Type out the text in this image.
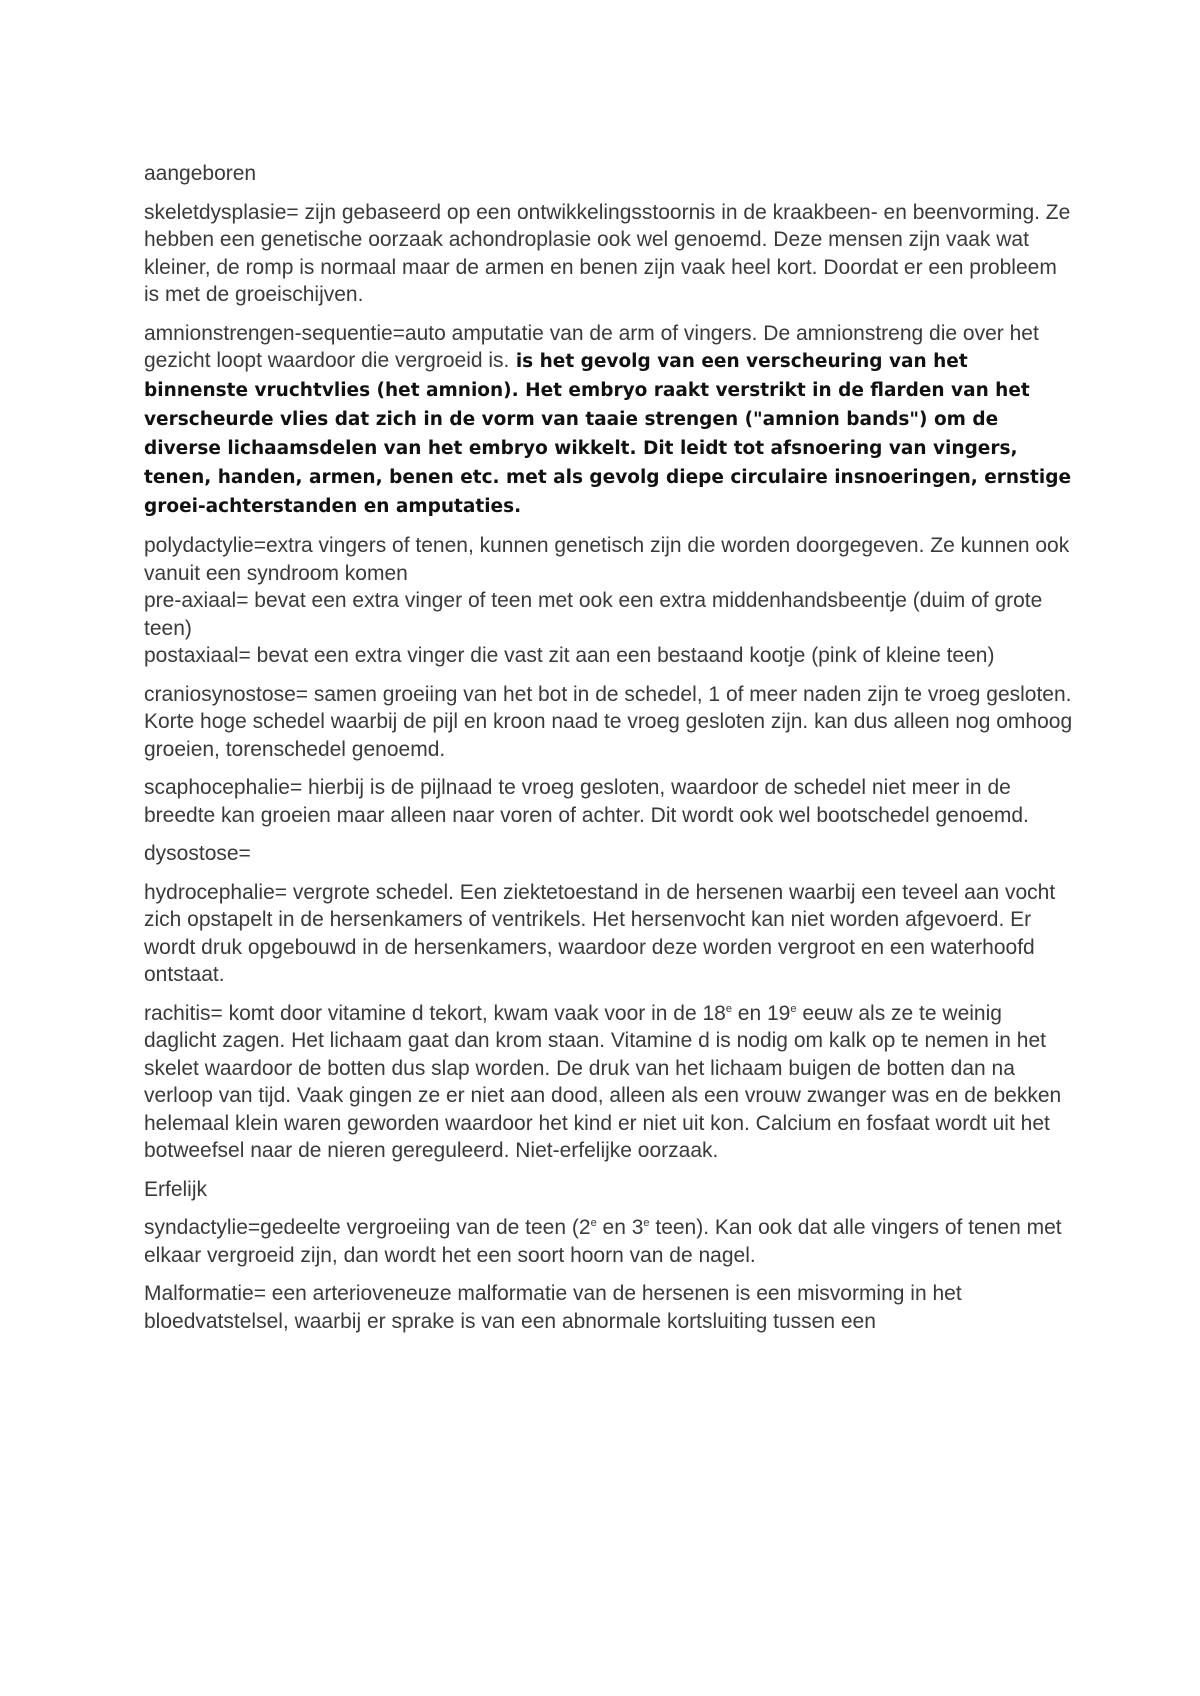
aangeboren

skeletdysplasie= zijn gebaseerd op een ontwikkelingsstoornis in de kraakbeen- en beenvorming. Ze hebben een genetische oorzaak achondroplasie ook wel genoemd. Deze mensen zijn vaak wat kleiner, de romp is normaal maar de armen en benen zijn vaak heel kort. Doordat er een probleem is met de groeischijven.

amnionstrengen-sequentie=auto amputatie van de arm of vingers. De amnionstreng die over het gezicht loopt waardoor die vergroeid is. is het gevolg van een verscheuring van het binnenste vruchtvlies (het amnion). Het embryo raakt verstrikt in de flarden van het verscheurde vlies dat zich in de vorm van taaie strengen ("amnion bands") om de diverse lichaamsdelen van het embryo wikkelt. Dit leidt tot afsnoering van vingers, tenen, handen, armen, benen etc. met als gevolg diepe circulaire insnoeringen, ernstige groei-achterstanden en amputaties.

polydactylie=extra vingers of tenen, kunnen genetisch zijn die worden doorgegeven. Ze kunnen ook vanuit een syndroom komen
pre-axiaal= bevat een extra vinger of teen met ook een extra middenhandsbeentje (duim of grote teen)
postaxiaal= bevat een extra vinger die vast zit aan een bestaand kootje (pink of kleine teen)

craniosynostose= samen groeiing van het bot in de schedel, 1 of meer naden zijn te vroeg gesloten. Korte hoge schedel waarbij de pijl en kroon naad te vroeg gesloten zijn. kan dus alleen nog omhoog groeien, torenschedel genoemd.

scaphocephalie= hierbij is de pijlnaad te vroeg gesloten, waardoor de schedel niet meer in de breedte kan groeien maar alleen naar voren of achter. Dit wordt ook wel bootschedel genoemd.

dysostose=

hydrocephalie= vergrote schedel. Een ziektetoestand in de hersenen waarbij een teveel aan vocht zich opstapelt in de hersenkamers of ventrikels. Het hersenvocht kan niet worden afgevoerd. Er wordt druk opgebouwd in de hersenkamers, waardoor deze worden vergroot en een waterhoofd ontstaat.

rachitis= komt door vitamine d tekort, kwam vaak voor in de 18e en 19e eeuw als ze te weinig daglicht zagen. Het lichaam gaat dan krom staan. Vitamine d is nodig om kalk op te nemen in het skelet waardoor de botten dus slap worden. De druk van het lichaam buigen de botten dan na verloop van tijd. Vaak gingen ze er niet aan dood, alleen als een vrouw zwanger was en de bekken helemaal klein waren geworden waardoor het kind er niet uit kon. Calcium en fosfaat wordt uit het botweefsel naar de nieren gereguleerd. Niet-erfelijke oorzaak.

Erfelijk

syndactylie=gedeelte vergroeiing van de teen (2e en 3e teen). Kan ook dat alle vingers of tenen met elkaar vergroeid zijn, dan wordt het een soort hoorn van de nagel.

Malformatie= een arterioveneuze malformatie van de hersenen is een misvorming in het bloedvatstelsel, waarbij er sprake is van een abnormale kortsluiting tussen een
